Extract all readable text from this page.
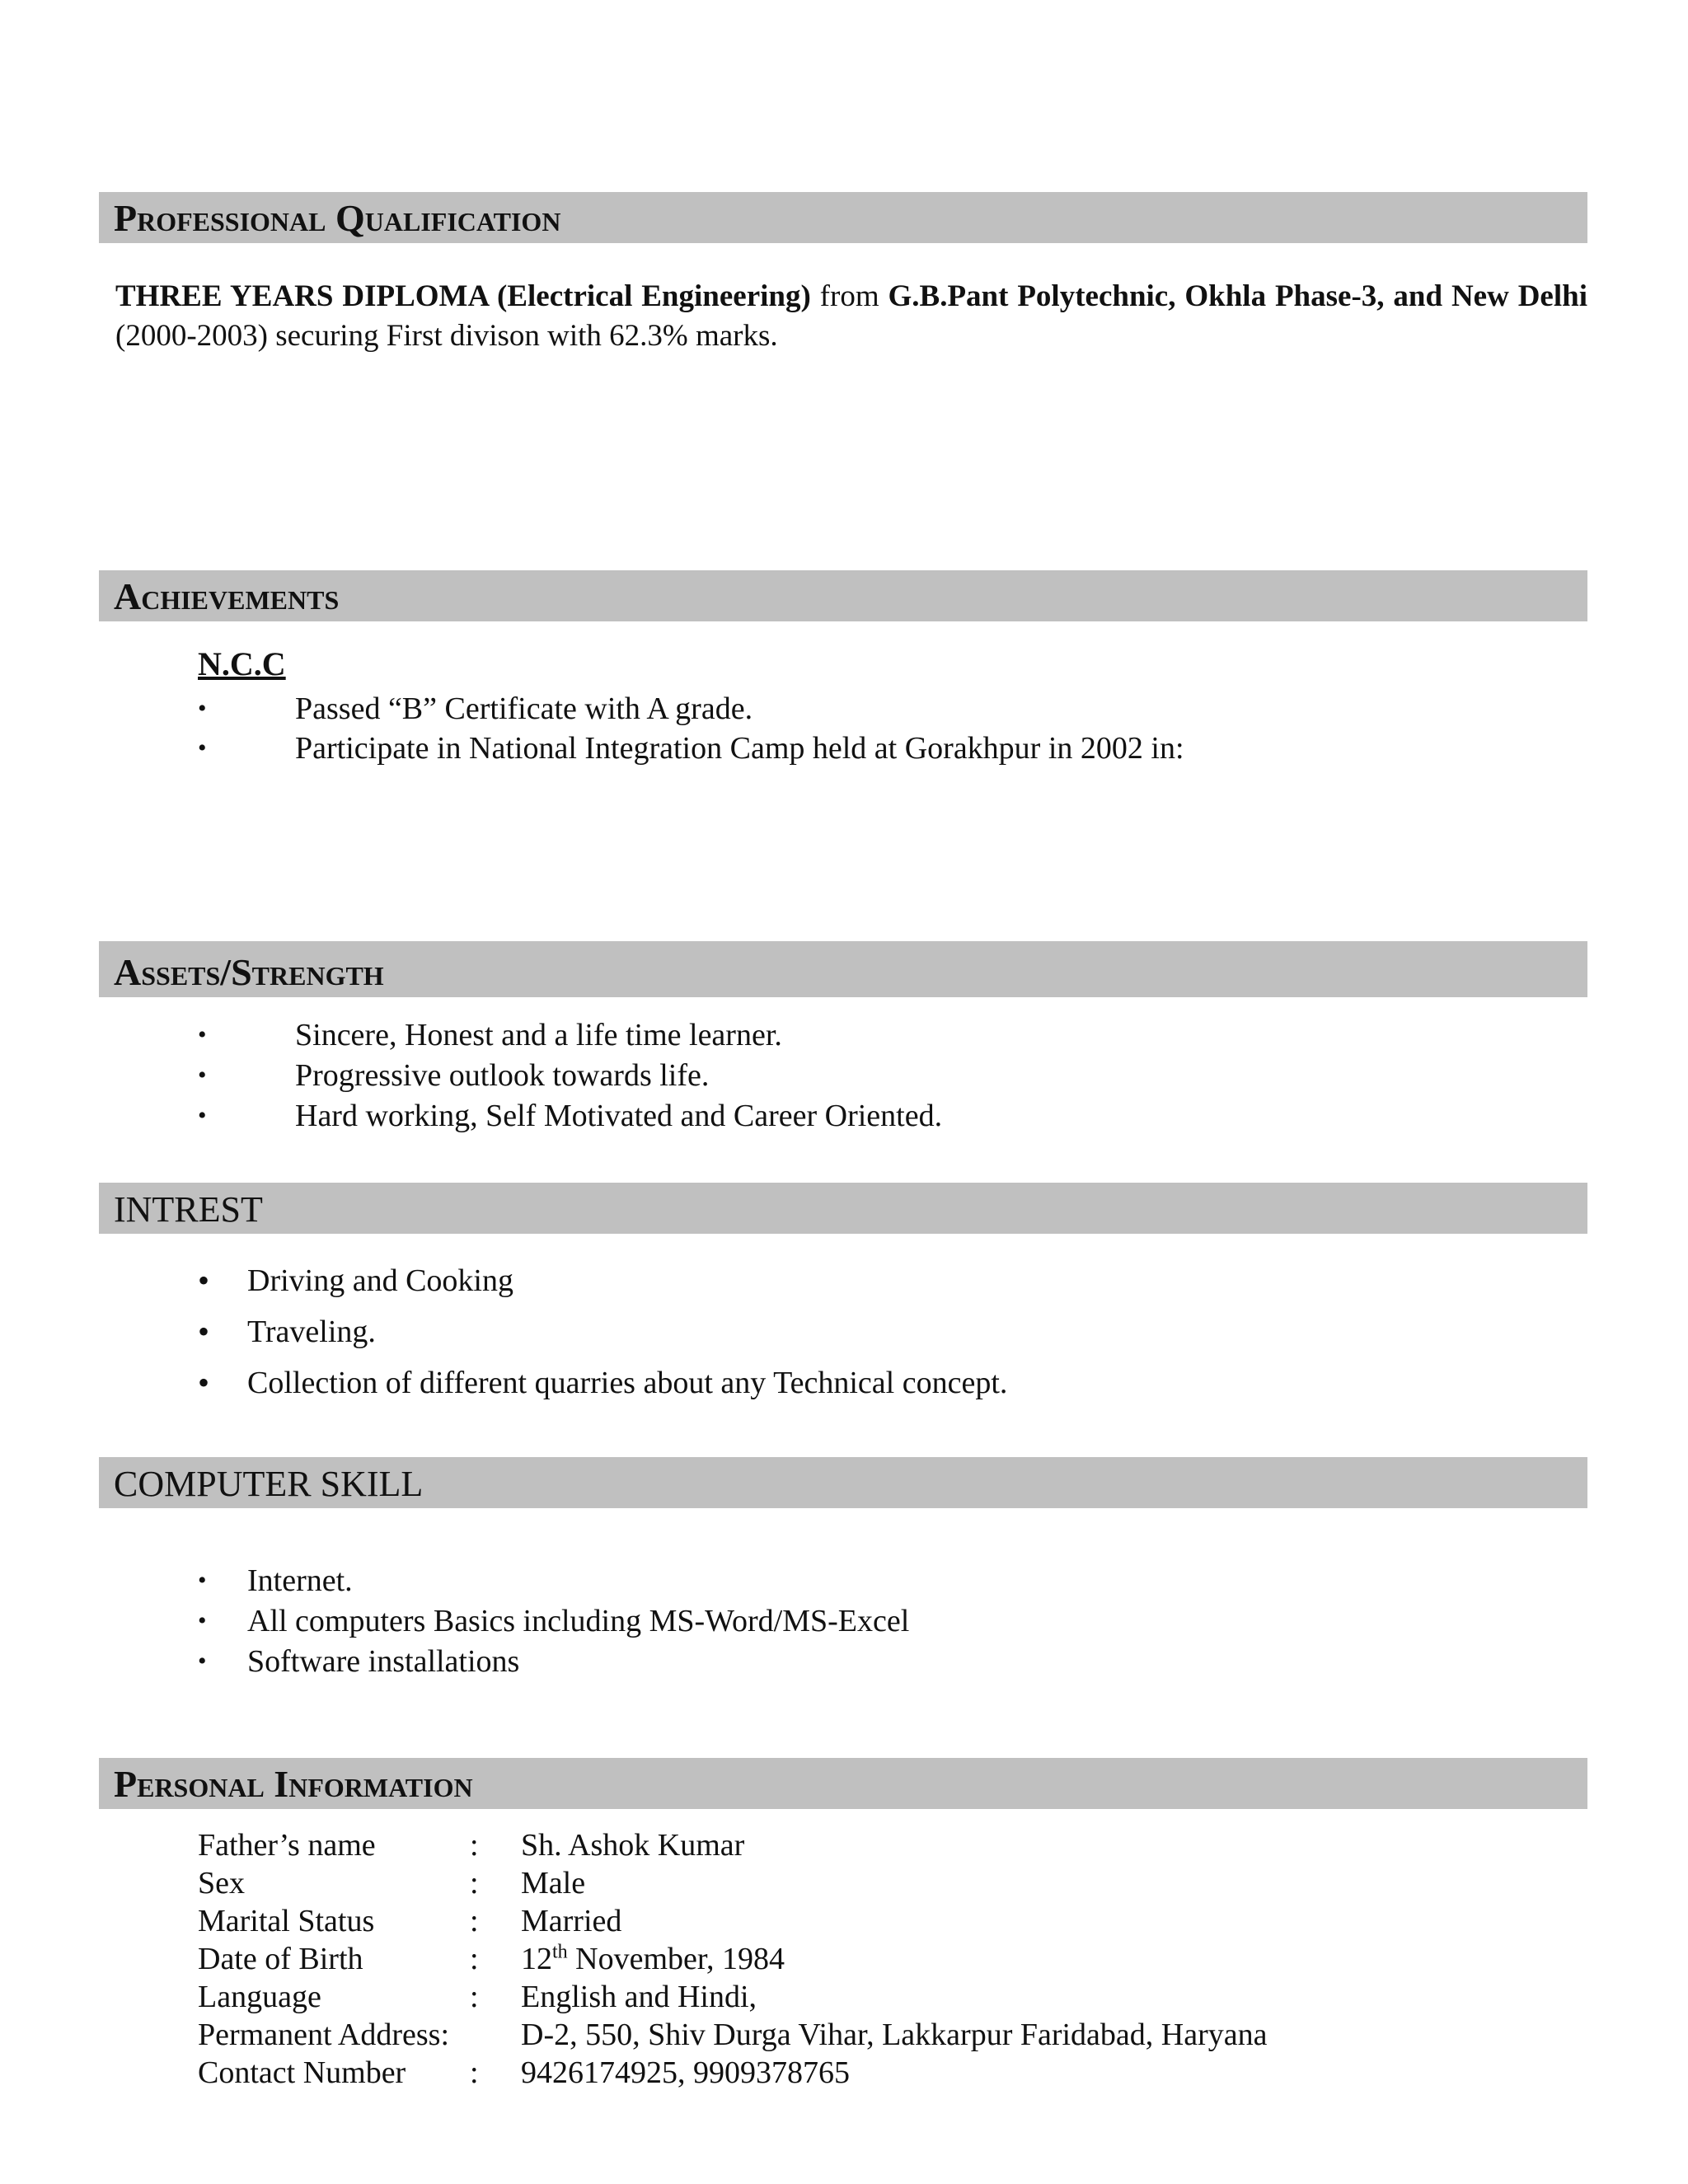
Professional Qualification
THREE YEARS DIPLOMA (Electrical Engineering) from G.B.Pant Polytechnic, Okhla Phase-3, and New Delhi (2000-2003) securing First divison with 62.3% marks.
Achievements
N.C.C
•	Passed “B” Certificate with A grade.
•	Participate in National Integration Camp held at Gorakhpur in 2002 in:
Assets/Strength
•	Sincere, Honest and a life time learner.
•	Progressive outlook towards life.
•	Hard working, Self Motivated and Career Oriented.
INTREST
• Driving and Cooking
• Traveling.
• Collection of different quarries about any Technical concept.
COMPUTER SKILL
• Internet.
• All computers Basics including MS-Word/MS-Excel
• Software installations
Personal Information
Father’s name	: Sh. Ashok Kumar
Sex	: Male
Marital Status	: Married
Date of Birth	: 12th November, 1984
Language	: English and Hindi,
Permanent Address: D-2, 550, Shiv Durga Vihar, Lakkarpur Faridabad, Haryana
Contact Number : 9426174925, 9909378765
